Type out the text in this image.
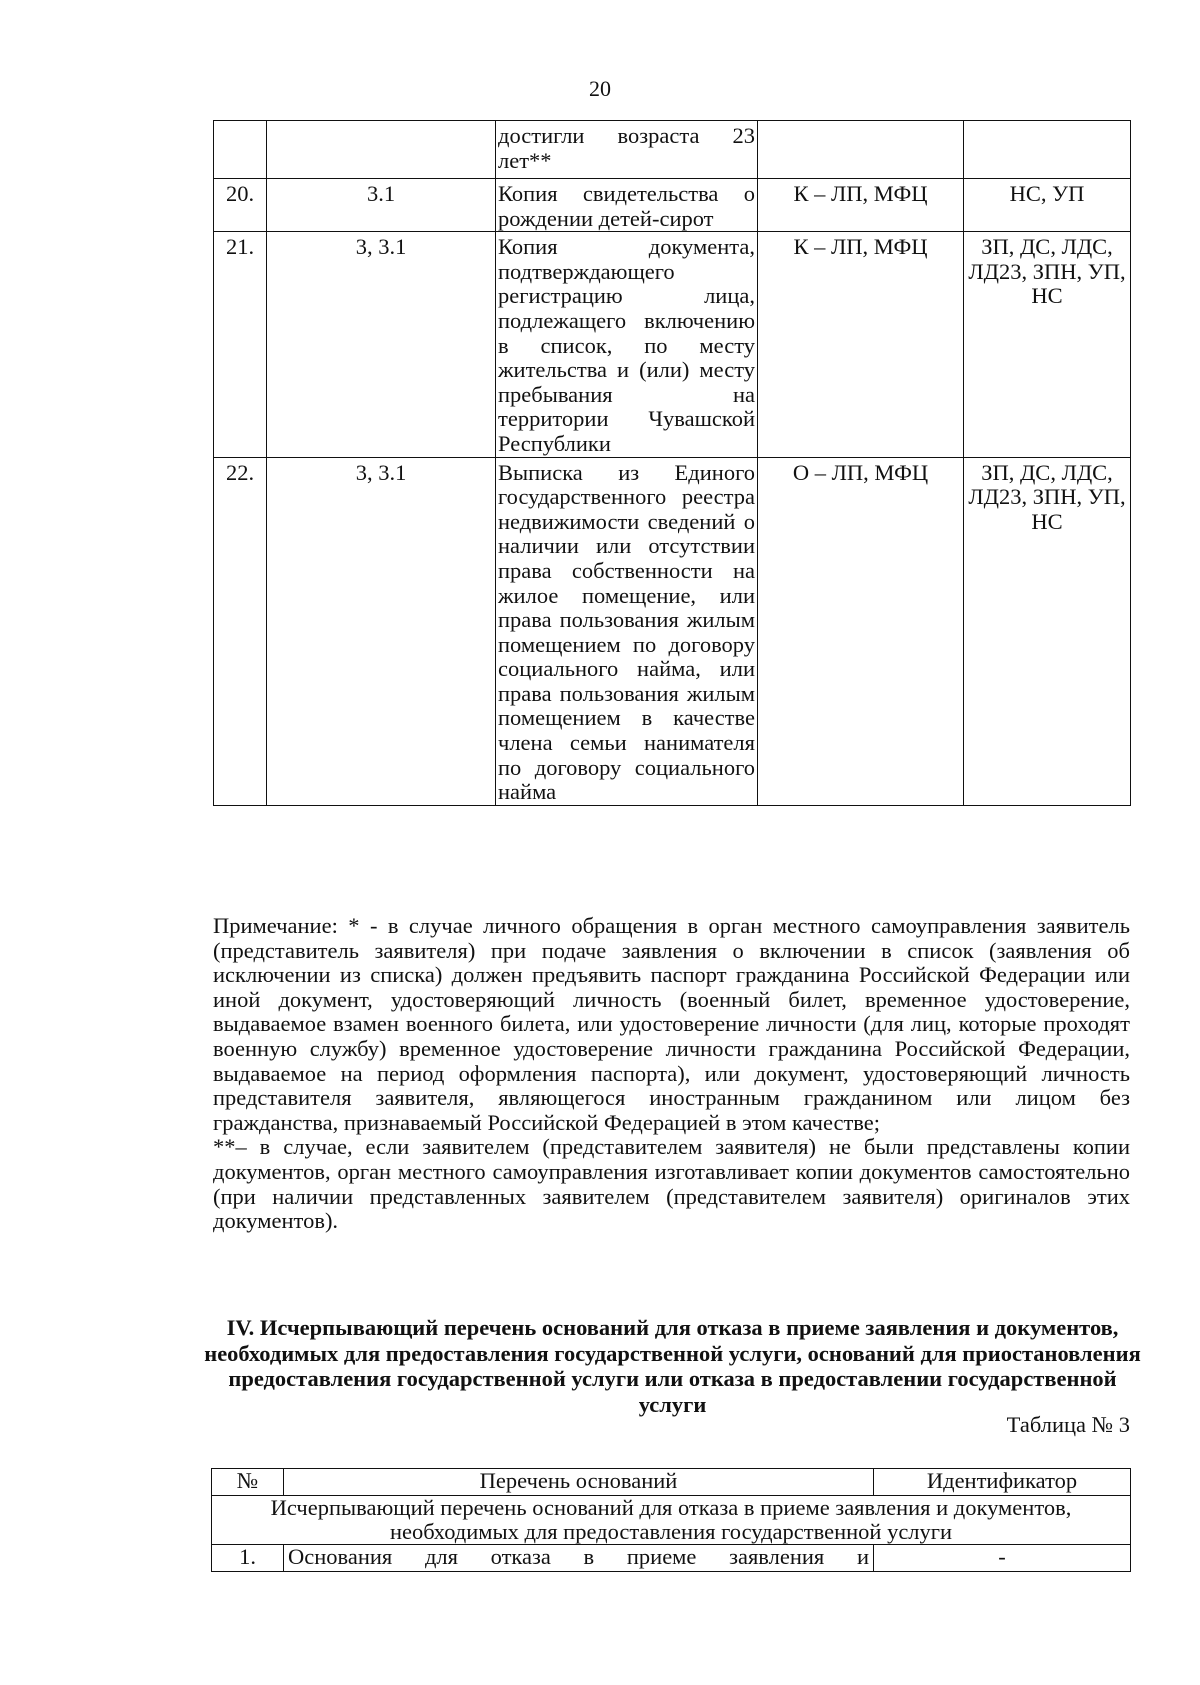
20
		достигли возраста 23 лет**		
20.	3.1	Копия свидетельства о рождении детей-сирот	К – ЛП, МФЦ	НС, УП
21.	3, 3.1	Копия документа, подтверждающего регистрацию лица, подлежащего включению в список, по месту жительства и (или) месту пребывания на территории Чувашской Республики	К – ЛП, МФЦ	ЗП, ДС, ЛДС, ЛД23, ЗПН, УП, НС
22.	3, 3.1	Выписка из Единого государственного реестра недвижимости сведений о наличии или отсутствии права собственности на жилое помещение, или права пользования жилым помещением по договору социального найма, или права пользования жилым помещением в качестве члена семьи нанимателя по договору социального найма	О – ЛП, МФЦ	ЗП, ДС, ЛДС, ЛД23, ЗПН, УП, НС

Примечание: * - в случае личного обращения в орган местного самоуправления заявитель (представитель заявителя) при подаче заявления о включении в список (заявления об исключении из списка) должен предъявить паспорт гражданина Российской Федерации или иной документ, удостоверяющий личность (военный билет, временное удостоверение, выдаваемое взамен военного билета, или удостоверение личности (для лиц, которые проходят военную службу) временное удостоверение личности гражданина Российской Федерации, выдаваемое на период оформления паспорта), или документ, удостоверяющий личность представителя заявителя, являющегося иностранным гражданином или лицом без гражданства, признаваемый Российской Федерацией в этом качестве;

**– в случае, если заявителем (представителем заявителя) не были представлены копии документов, орган местного самоуправления изготавливает копии документов самостоятельно (при наличии представленных заявителем (представителем заявителя) оригиналов этих документов).

IV. Исчерпывающий перечень оснований для отказа в приеме заявления и документов, необходимых для предоставления государственной услуги, оснований для приостановления предоставления государственной услуги или отказа в предоставлении государственной услуги
Таблица № 3
№	Перечень оснований	Идентификатор
Исчерпывающий перечень оснований для отказа в приеме заявления и документов, необходимых для предоставления государственной услуги		
1.	Основания для отказа в приеме заявления и	-
